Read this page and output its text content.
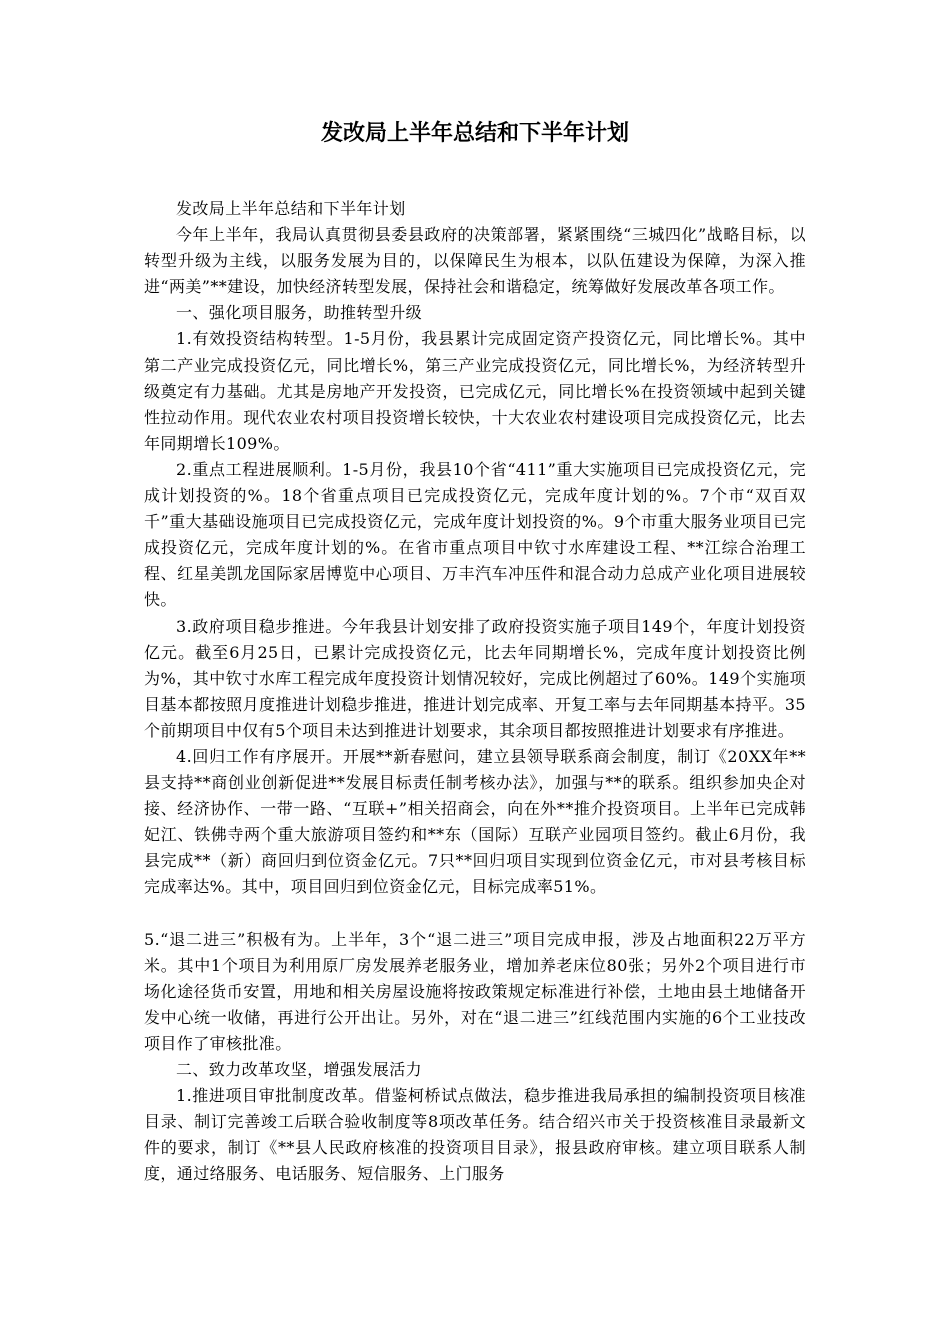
发改局上半年总结和下半年计划

发改局上半年总结和下半年计划

今年上半年，我局认真贯彻县委县政府的决策部署，紧紧围绕“三城四化”战略目标，以转型升级为主线，以服务发展为目的，以保障民生为根本，以队伍建设为保障，为深入推进“两美”**建设，加快经济转型发展，保持社会和谐稳定，统筹做好发展改革各项工作。

一、强化项目服务，助推转型升级

1.有效投资结构转型。1-5月份，我县累计完成固定资产投资亿元，同比增长%。其中第二产业完成投资亿元，同比增长%，第三产业完成投资亿元，同比增长%，为经济转型升级奠定有力基础。尤其是房地产开发投资，已完成亿元，同比增长%在投资领域中起到关键性拉动作用。现代农业农村项目投资增长较快，十大农业农村建设项目完成投资亿元，比去年同期增长109%。

2.重点工程进展顺利。1-5月份，我县10个省“411”重大实施项目已完成投资亿元，完成计划投资的%。18个省重点项目已完成投资亿元，完成年度计划的%。7个市“双百双千”重大基础设施项目已完成投资亿元，完成年度计划投资的%。9个市重大服务业项目已完成投资亿元，完成年度计划的%。在省市重点项目中钦寸水库建设工程、**江综合治理工程、红星美凯龙国际家居博览中心项目、万丰汽车冲压件和混合动力总成产业化项目进展较快。

3.政府项目稳步推进。今年我县计划安排了政府投资实施子项目149个，年度计划投资亿元。截至6月25日，已累计完成投资亿元，比去年同期增长%，完成年度计划投资比例为%，其中钦寸水库工程完成年度投资计划情况较好，完成比例超过了60%。149个实施项目基本都按照月度推进计划稳步推进，推进计划完成率、开复工率与去年同期基本持平。35个前期项目中仅有5个项目未达到推进计划要求，其余项目都按照推进计划要求有序推进。

4.回归工作有序展开。开展**新春慰问，建立县领导联系商会制度，制订《20XX年**县支持**商创业创新促进**发展目标责任制考核办法》，加强与**的联系。组织参加央企对接、经济协作、一带一路、“互联+”相关招商会，向在外**推介投资项目。上半年已完成韩妃江、铁佛寺两个重大旅游项目签约和**东（国际）互联产业园项目签约。截止6月份，我县完成**（新）商回归到位资金亿元。7只**回归项目实现到位资金亿元，市对县考核目标完成率达%。其中，项目回归到位资金亿元，目标完成率51%。

5.“退二进三”积极有为。上半年，3个“退二进三”项目完成申报，涉及占地面积22万平方米。其中1个项目为利用原厂房发展养老服务业，增加养老床位80张；另外2个项目进行市场化途径货币安置，用地和相关房屋设施将按政策规定标准进行补偿，土地由县土地储备开发中心统一收储，再进行公开出让。另外，对在“退二进三”红线范围内实施的6个工业技改项目作了审核批准。

二、致力改革攻坚，增强发展活力

1.推进项目审批制度改革。借鉴柯桥试点做法，稳步推进我局承担的编制投资项目核准目录、制订完善竣工后联合验收制度等8项改革任务。结合绍兴市关于投资核准目录最新文件的要求，制订《**县人民政府核准的投资项目目录》，报县政府审核。建立项目联系人制度，通过络服务、电话服务、短信服务、上门服务
